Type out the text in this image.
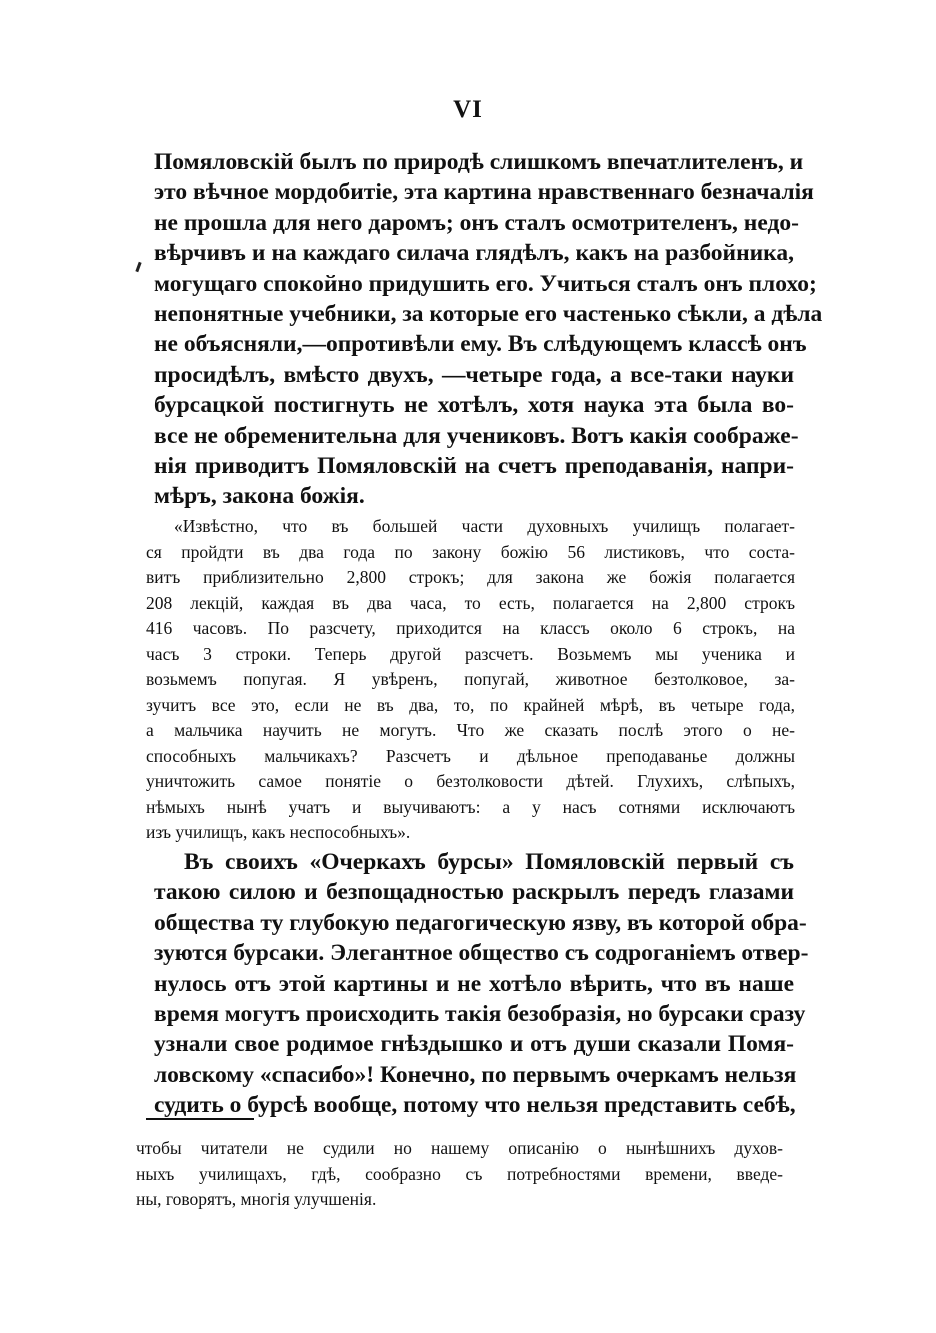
VI
Помяловскій былъ по природѣ слишкомъ впечатлителенъ, и
это вѣчное мордобитіе, эта картина нравственнаго безначалія
не прошла для него даромъ; онъ сталъ осмотрителенъ, недо-
вѣрчивъ и на каждаго силача глядѣлъ, какъ на разбойника,
могущаго спокойно придушить его. Учиться сталъ онъ плохо;
непонятные учебники, за которые его частенько сѣкли, а дѣла
не объясняли,—опротивѣли ему. Въ слѣдующемъ классѣ онъ
просидѣлъ, вмѣсто двухъ, —четыре года, а все-таки науки
бурсацкой постигнуть не хотѣлъ, хотя наука эта была во-
все не обременительна для учениковъ. Вотъ какія соображе-
нія приводитъ Помяловскій на счетъ преподаванія, напри-
мѣръ, закона божія.
«Извѣстно, что въ большей части духовныхъ училищъ полагает-
ся пройдти въ два года по закону божію 56 листиковъ, что соста-
витъ приблизительно 2,800 строкъ; для закона же божія полагается
208 лекцій, каждая въ два часа, то есть, полагается на 2,800 строкъ
416 часовъ. По разсчету, приходится на классъ около 6 строкъ, на
часъ 3 строки. Теперь другой разсчетъ. Возьмемъ мы ученика и
возьмемъ попугая. Я увѣренъ, попугай, животное безтолковое, за-
зучитъ все это, если не въ два, то, по крайней мѣрѣ, въ четыре года,
а мальчика научить не могутъ. Что же сказать послѣ этого о не-
способныхъ мальчикахъ? Разсчетъ и дѣльное преподаванье должны
уничтожить самое понятіе о безтолковости дѣтей. Глухихъ, слѣпыхъ,
нѣмыхъ нынѣ учатъ и выучиваютъ: а у насъ сотнями исключаютъ
изъ училищъ, какъ неспособныхъ».
Въ своихъ «Очеркахъ бурсы» Помяловскій первый съ
такою силою и безпощадностью раскрылъ передъ глазами
общества ту глубокую педагогическую язву, въ которой обра-
зуются бурсаки. Элегантное общество съ содроганіемъ отвер-
нулось отъ этой картины и не хотѣло вѣрить, что въ наше
время могутъ происходить такія безобразія, но бурсаки сразу
узнали свое родимое гнѣздышко и отъ души сказали Помя-
ловскому «спасибо»! Конечно, по первымъ очеркамъ нельзя
судить о бурсѣ вообще, потому что нельзя представить себѣ,
чтобы читатели не судили но нашему описанію о нынѣшнихъ духов-
ныхъ училищахъ, гдѣ, сообразно съ потребностями времени, введе-
ны, говорятъ, многія улучшенія.
